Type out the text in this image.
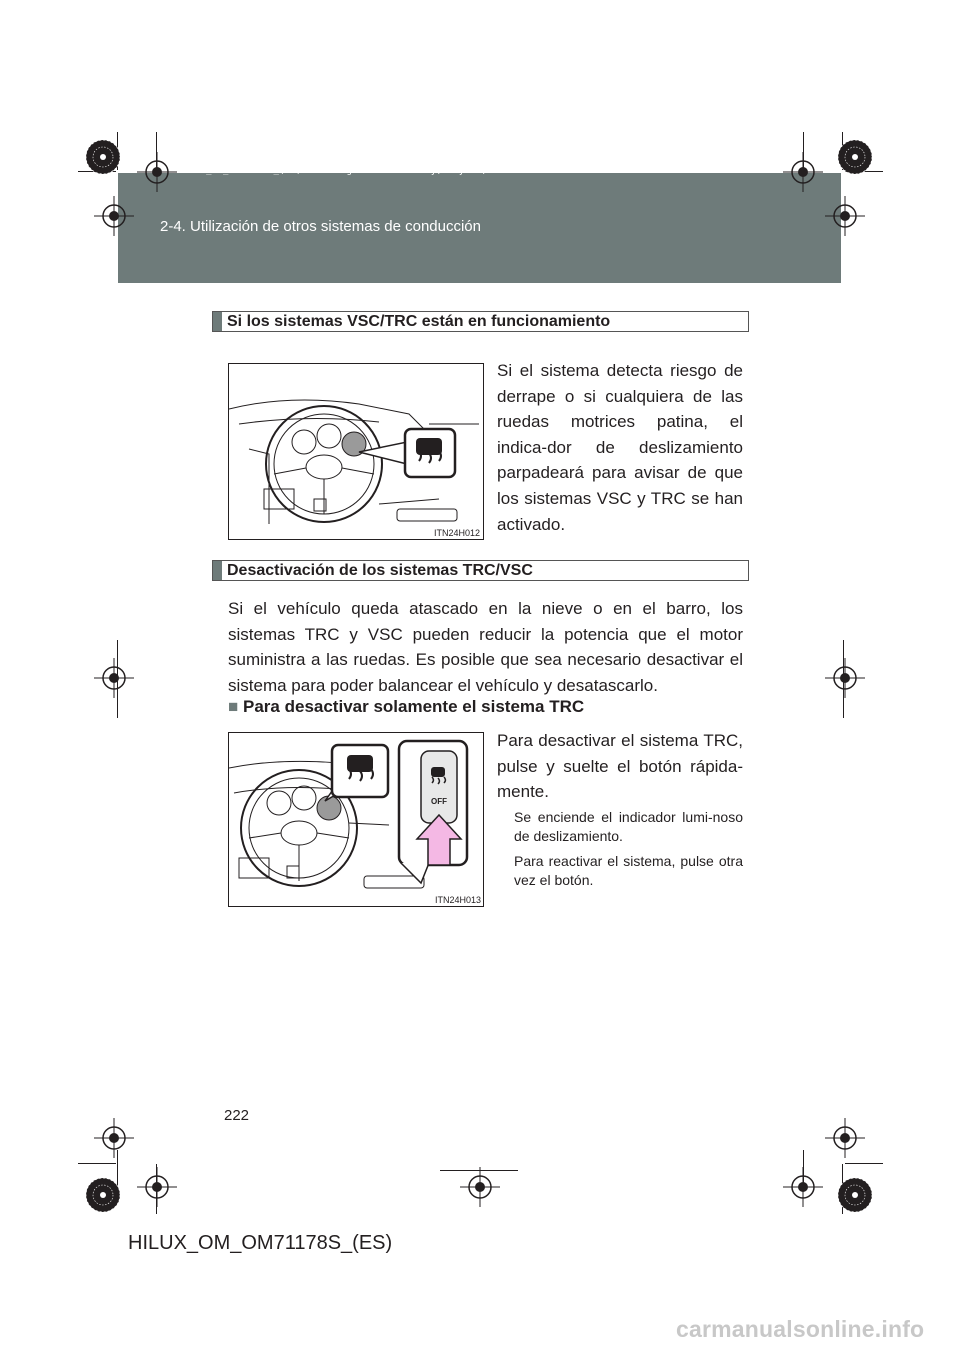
HILUX_OM_OM71178S_(ES).book Page 222 Wednesday, May 16, 2012 3:09 PM
2-4. Utilización de otros sistemas de conducción
Si los sistemas VSC/TRC están en funcionamiento
ITN24H012
Si el sistema detecta riesgo de derrape o si cualquiera de las ruedas motrices patina, el indica-dor de deslizamiento parpadeará para avisar de que los sistemas VSC y TRC se han activado.
Desactivación de los sistemas TRC/VSC
Si el vehículo queda atascado en la nieve o en el barro, los sistemas TRC y VSC pueden reducir la potencia que el motor suministra a las ruedas. Es posible que sea necesario desactivar el sistema para poder balancear el vehículo y desatascarlo.
■ Para desactivar solamente el sistema TRC
OFF
ITN24H013
Para desactivar el sistema TRC, pulse y suelte el botón rápida-mente.
Se enciende el indicador lumi-noso de deslizamiento.
Para reactivar el sistema, pulse otra vez el botón.
222
HILUX_OM_OM71178S_(ES)
carmanualsonline.info
